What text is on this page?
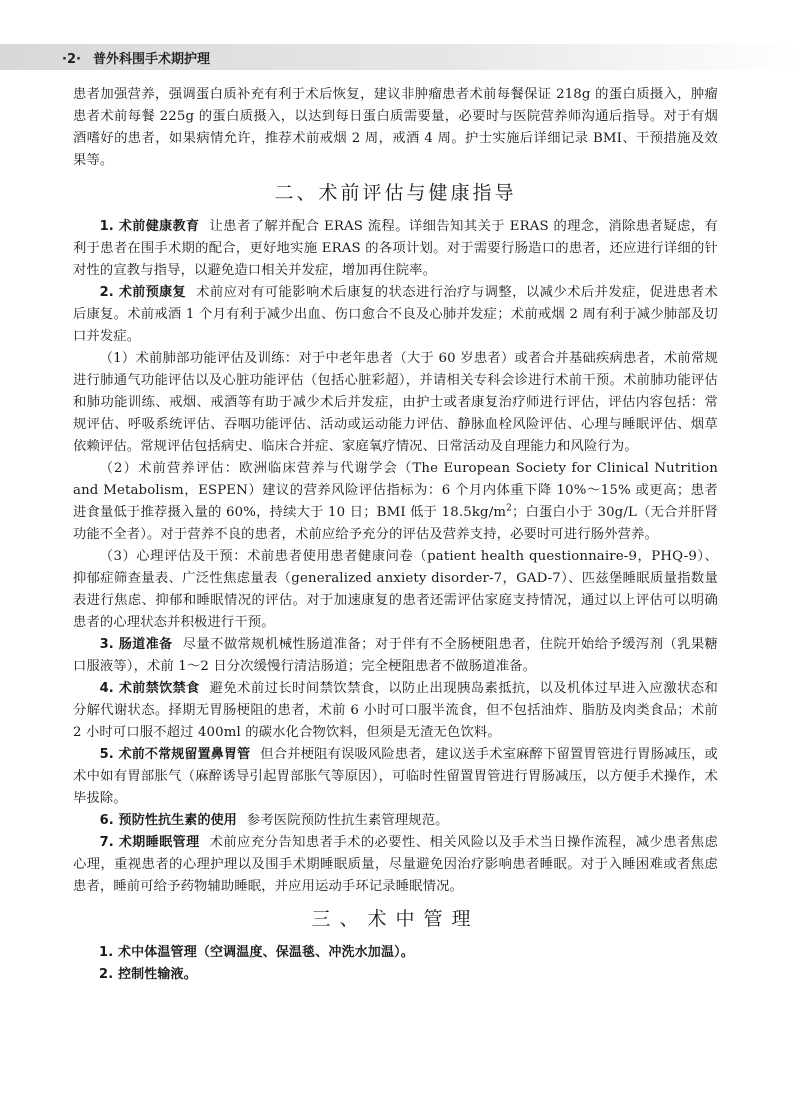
·2· 普外科围手术期护理

患者加强营养，强调蛋白质补充有利于术后恢复，建议非肿瘤患者术前每餐保证 218g 的蛋白质摄入，肿瘤患者术前每餐 225g 的蛋白质摄入，以达到每日蛋白质需要量，必要时与医院营养师沟通后指导。对于有烟酒嗜好的患者，如果病情允许，推荐术前戒烟 2 周，戒酒 4 周。护士实施后详细记录 BMI、干预措施及效果等。

二、术前评估与健康指导

1. 术前健康教育 让患者了解并配合 ERAS 流程。详细告知其关于 ERAS 的理念，消除患者疑虑，有利于患者在围手术期的配合，更好地实施 ERAS 的各项计划。对于需要行肠造口的患者，还应进行详细的针对性的宣教与指导，以避免造口相关并发症，增加再住院率。

2. 术前预康复 术前应对有可能影响术后康复的状态进行治疗与调整，以减少术后并发症，促进患者术后康复。术前戒酒 1 个月有利于减少出血、伤口愈合不良及心肺并发症；术前戒烟 2 周有利于减少肺部及切口并发症。

（1）术前肺部功能评估及训练：对于中老年患者（大于 60 岁患者）或者合并基础疾病患者，术前常规进行肺通气功能评估以及心脏功能评估（包括心脏彩超），并请相关专科会诊进行术前干预。术前肺功能评估和肺功能训练、戒烟、戒酒等有助于减少术后并发症，由护士或者康复治疗师进行评估，评估内容包括：常规评估、呼吸系统评估、吞咽功能评估、活动或运动能力评估、静脉血栓风险评估、心理与睡眠评估、烟草依赖评估。常规评估包括病史、临床合并症、家庭氧疗情况、日常活动及自理能力和风险行为。

（2）术前营养评估：欧洲临床营养与代谢学会（The European Society for Clinical Nutrition and Metabolism，ESPEN）建议的营养风险评估指标为：6 个月内体重下降 10%～15% 或更高；患者进食量低于推荐摄入量的 60%，持续大于 10 日；BMI 低于 $18.5kg/m^2$；白蛋白小于 30g/L（无合并肝肾功能不全者）。对于营养不良的患者，术前应给予充分的评估及营养支持，必要时可进行肠外营养。

（3）心理评估及干预：术前患者使用患者健康问卷（patient health questionnaire-9，PHQ-9）、抑郁症筛查量表、广泛性焦虑量表（generalized anxiety disorder-7，GAD-7）、匹兹堡睡眠质量指数量表进行焦虑、抑郁和睡眠情况的评估。对于加速康复的患者还需评估家庭支持情况，通过以上评估可以明确患者的心理状态并积极进行干预。

3. 肠道准备 尽量不做常规机械性肠道准备；对于伴有不全肠梗阻患者，住院开始给予缓泻剂（乳果糖口服液等），术前 1～2 日分次缓慢行清洁肠道；完全梗阻患者不做肠道准备。

4. 术前禁饮禁食 避免术前过长时间禁饮禁食，以防止出现胰岛素抵抗，以及机体过早进入应激状态和分解代谢状态。择期无胃肠梗阻的患者，术前 6 小时可口服半流食，但不包括油炸、脂肪及肉类食品；术前 2 小时可口服不超过 400ml 的碳水化合物饮料，但须是无渣无色饮料。

5. 术前不常规留置鼻胃管 但合并梗阻有误吸风险患者，建议送手术室麻醉下留置胃管进行胃肠减压，或术中如有胃部胀气（麻醉诱导引起胃部胀气等原因），可临时性留置胃管进行胃肠减压，以方便手术操作，术毕拔除。

6. 预防性抗生素的使用 参考医院预防性抗生素管理规范。

7. 术期睡眠管理 术前应充分告知患者手术的必要性、相关风险以及手术当日操作流程，减少患者焦虑心理，重视患者的心理护理以及围手术期睡眠质量，尽量避免因治疗影响患者睡眠。对于入睡困难或者焦虑患者，睡前可给予药物辅助睡眠，并应用运动手环记录睡眠情况。

三、术中管理

1. 术中体温管理（空调温度、保温毯、冲洗水加温）。

2. 控制性输液。
